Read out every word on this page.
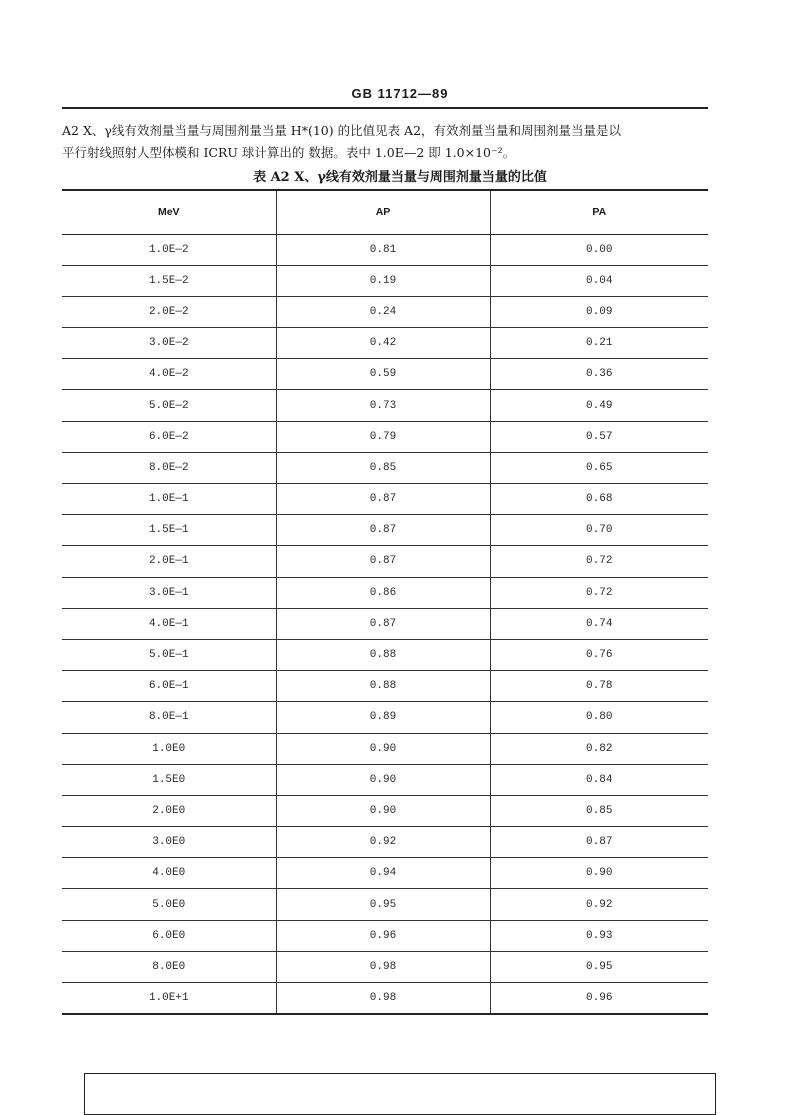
GB 11712—89

A2 X、γ线有效剂量当量与周围剂量当量 H*(10) 的比值见表 A2，有效剂量当量和周围剂量当量是以

平行射线照射人型体模和 ICRU 球计算出的 数据。表中 1.0E—2 即 1.0×10⁻²。

表 A2 X、γ线有效剂量当量与周围剂量当量的比值
MeV	AP	PA
1.0E—2	0.81	0.00
1.5E—2	0.19	0.04
2.0E—2	0.24	0.09
3.0E—2	0.42	0.21
4.0E—2	0.59	0.36
5.0E—2	0.73	0.49
6.0E—2	0.79	0.57
8.0E—2	0.85	0.65
1.0E—1	0.87	0.68
1.5E—1	0.87	0.70
2.0E—1	0.87	0.72
3.0E—1	0.86	0.72
4.0E—1	0.87	0.74
5.0E—1	0.88	0.76
6.0E—1	0.88	0.78
8.0E—1	0.89	0.80
1.0E0	0.90	0.82
1.5E0	0.90	0.84
2.0E0	0.90	0.85
3.0E0	0.92	0.87
4.0E0	0.94	0.90
5.0E0	0.95	0.92
6.0E0	0.96	0.93
8.0E0	0.98	0.95
1.0E+1	0.98	0.96
